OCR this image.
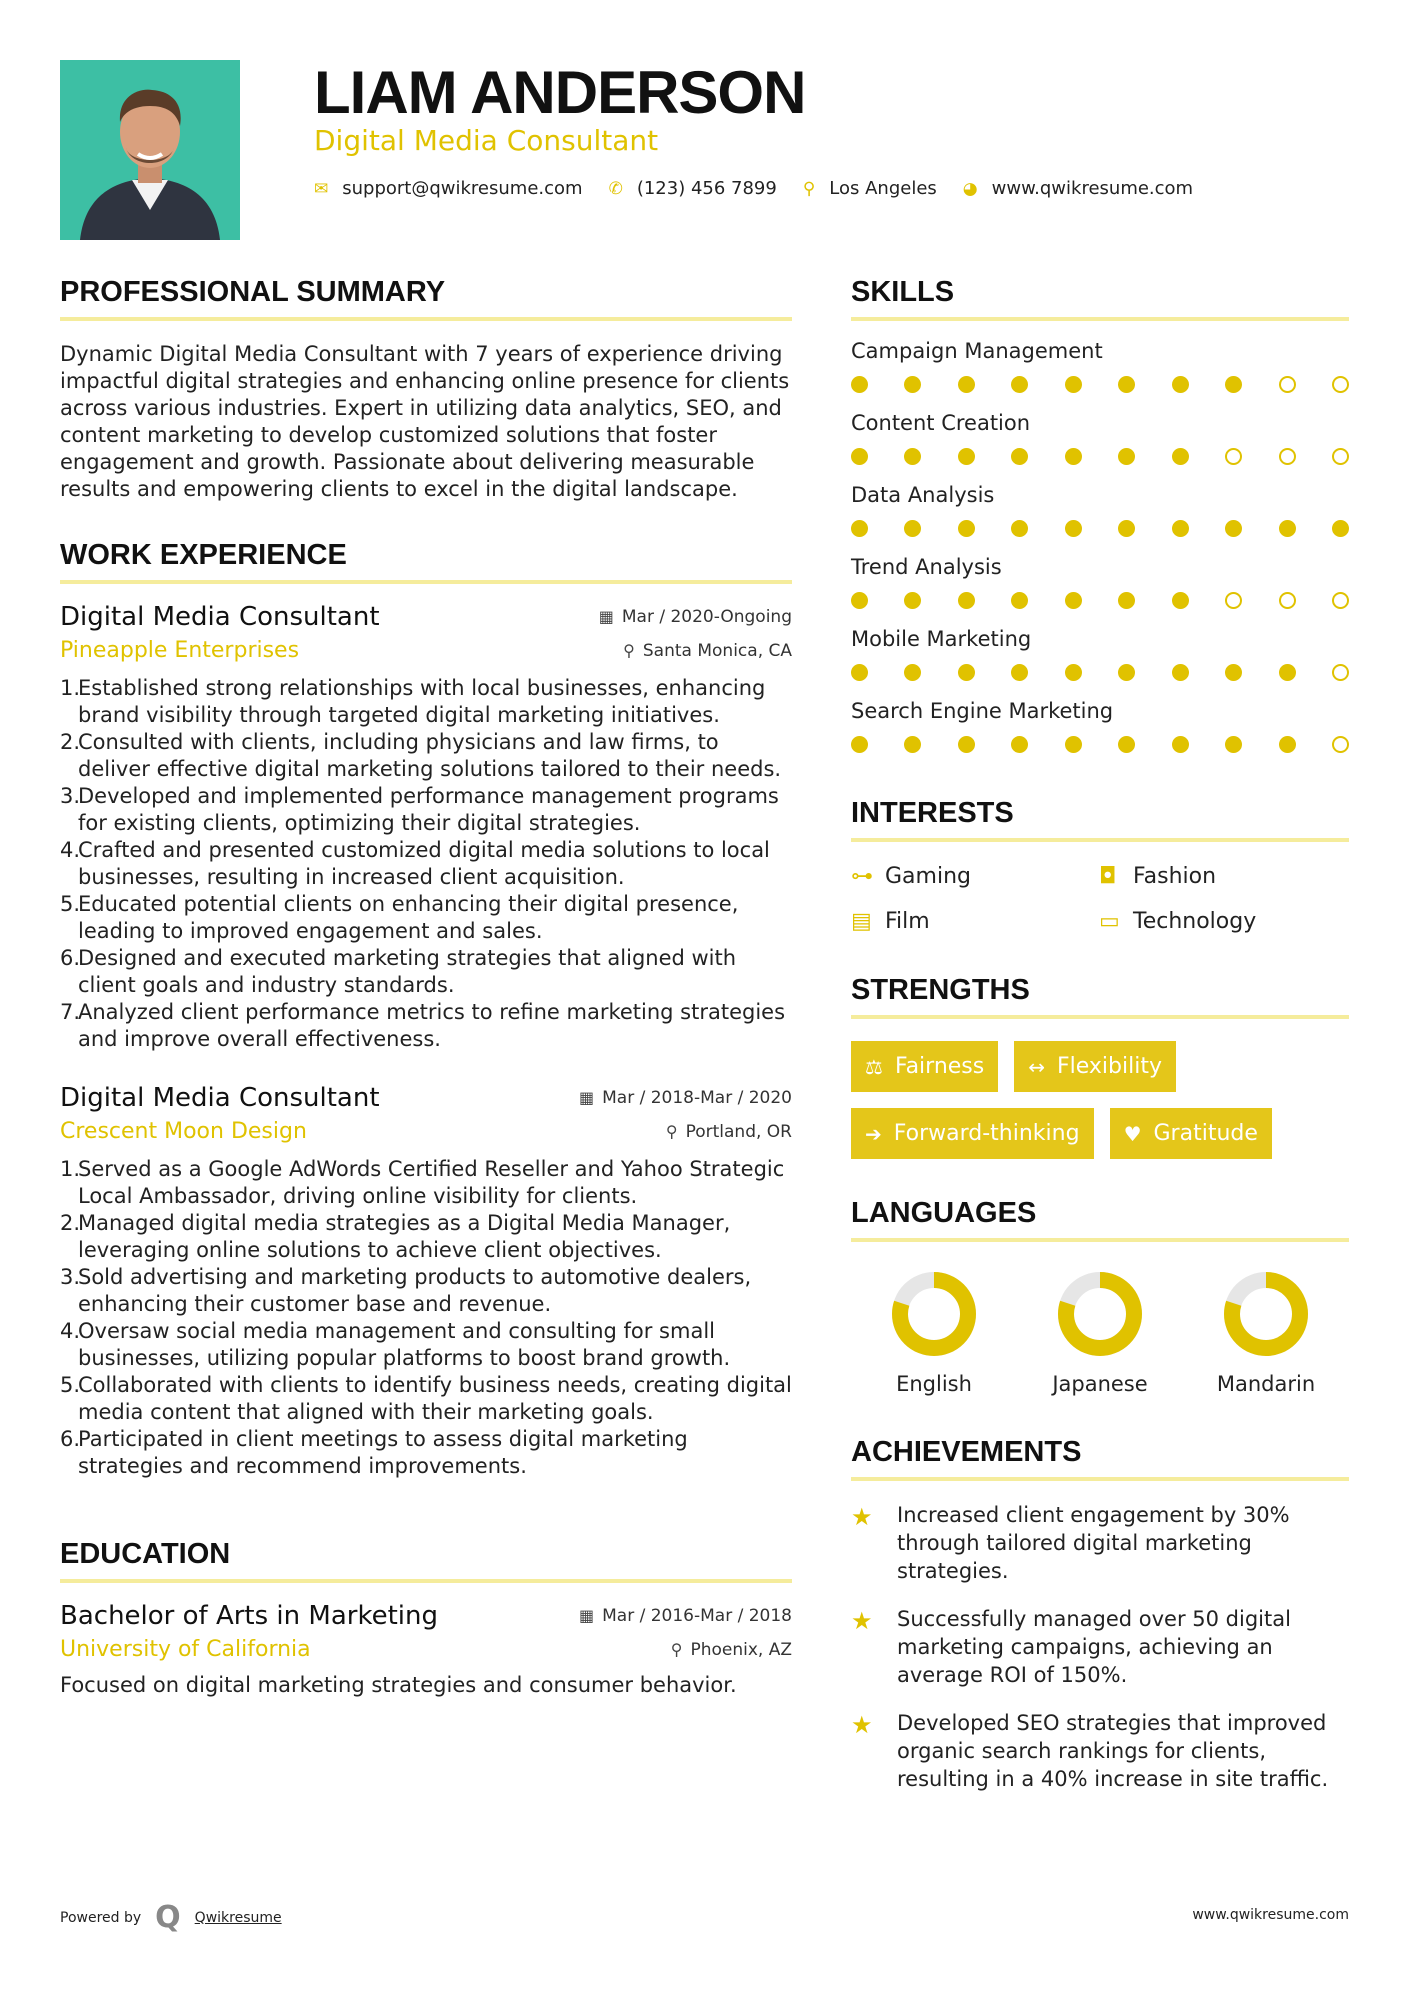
LIAM ANDERSON
Digital Media Consultant
✉ support@qwikresume.com ✆ (123) 456 7899 ⚲ Los Angeles ◕ www.qwikresume.com
PROFESSIONAL SUMMARY
Dynamic Digital Media Consultant with 7 years of experience driving impactful digital strategies and enhancing online presence for clients across various industries. Expert in utilizing data analytics, SEO, and content marketing to develop customized solutions that foster engagement and growth. Passionate about delivering measurable results and empowering clients to excel in the digital landscape.
WORK EXPERIENCE
Digital Media Consultant	▦ Mar / 2020-Ongoing
Pineapple Enterprises	⚲ Santa Monica, CA
1.
Established strong relationships with local businesses, enhancing brand visibility through targeted digital marketing initiatives.
2.
Consulted with clients, including physicians and law firms, to deliver effective digital marketing solutions tailored to their needs.
3.
Developed and implemented performance management programs for existing clients, optimizing their digital strategies.
4.
Crafted and presented customized digital media solutions to local businesses, resulting in increased client acquisition.
5.
Educated potential clients on enhancing their digital presence, leading to improved engagement and sales.
6.
Designed and executed marketing strategies that aligned with client goals and industry standards.
7.
Analyzed client performance metrics to refine marketing strategies and improve overall effectiveness.
Digital Media Consultant	▦ Mar / 2018-Mar / 2020
Crescent Moon Design	⚲ Portland, OR
1.
Served as a Google AdWords Certified Reseller and Yahoo Strategic Local Ambassador, driving online visibility for clients.
2.
Managed digital media strategies as a Digital Media Manager, leveraging online solutions to achieve client objectives.
3.
Sold advertising and marketing products to automotive dealers, enhancing their customer base and revenue.
4.
Oversaw social media management and consulting for small businesses, utilizing popular platforms to boost brand growth.
5.
Collaborated with clients to identify business needs, creating digital media content that aligned with their marketing goals.
6.
Participated in client meetings to assess digital marketing strategies and recommend improvements.
EDUCATION
Bachelor of Arts in Marketing	▦ Mar / 2016-Mar / 2018
University of California	⚲ Phoenix, AZ
Focused on digital marketing strategies and consumer behavior.
SKILLS
Campaign Management
Content Creation
Data Analysis
Trend Analysis
Mobile Marketing
Search Engine Marketing
INTERESTS
⊶ Gaming	◘ Fashion
▤ Film	▭ Technology
STRENGTHS
⚖ Fairness ↔ Flexibility
➔ Forward-thinking ♥ Gratitude
LANGUAGES
English	Japanese	Mandarin
ACHIEVEMENTS
★	Increased client engagement by 30% through tailored digital marketing strategies.
★	Successfully managed over 50 digital marketing campaigns, achieving an average ROI of 150%.
★	Developed SEO strategies that improved organic search rankings for clients, resulting in a 40% increase in site traffic.
Powered by Q Qwikresume	www.qwikresume.com
